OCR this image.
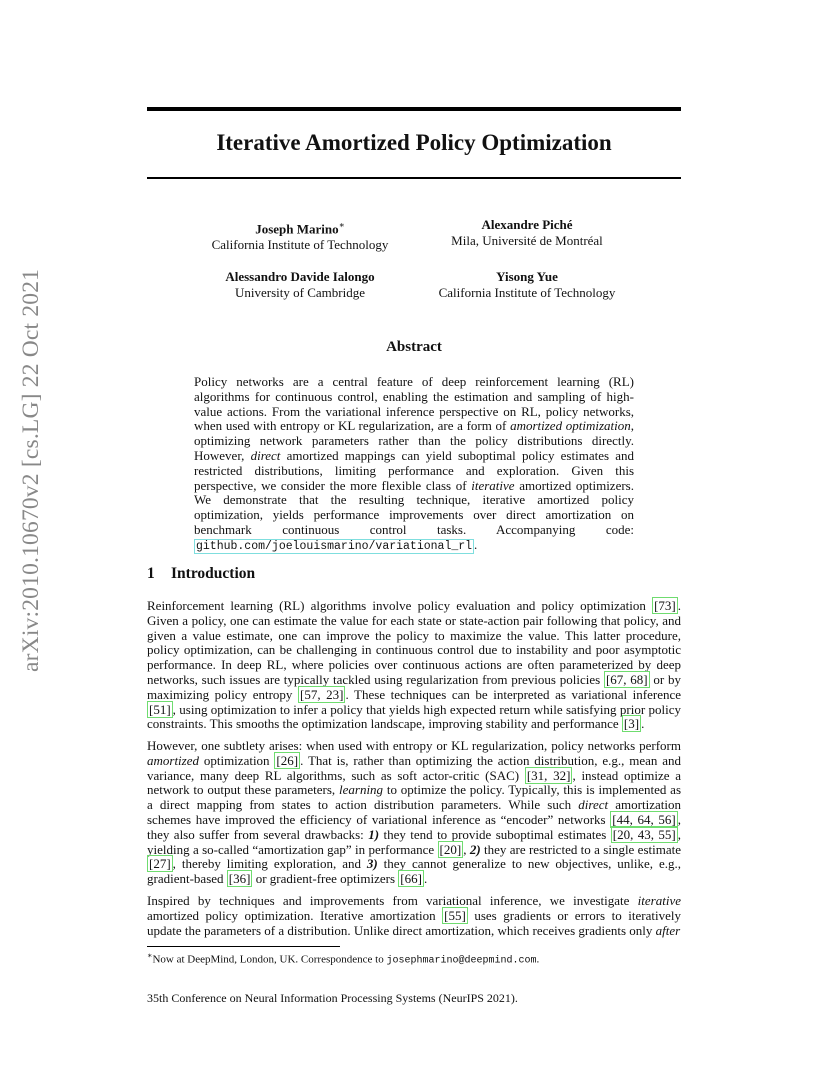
arXiv:2010.10670v2 [cs.LG] 22 Oct 2021
Iterative Amortized Policy Optimization
Joseph Marino∗
California Institute of Technology
Alexandre Piché
Mila, Université de Montréal
Alessandro Davide Ialongo
University of Cambridge
Yisong Yue
California Institute of Technology
Abstract
Policy networks are a central feature of deep reinforcement learning (RL) algorithms for continuous control, enabling the estimation and sampling of high-value actions. From the variational inference perspective on RL, policy networks, when used with entropy or KL regularization, are a form of amortized optimization, optimizing network parameters rather than the policy distributions directly. However, direct amortized mappings can yield suboptimal policy estimates and restricted distributions, limiting performance and exploration. Given this perspective, we consider the more flexible class of iterative amortized optimizers. We demonstrate that the resulting technique, iterative amortized policy optimization, yields performance improvements over direct amortization on benchmark continuous control tasks. Accompanying code: github.com/joelouismarino/variational_rl .
1 Introduction

Reinforcement learning (RL) algorithms involve policy evaluation and policy optimization [73] . Given a policy, one can estimate the value for each state or state-action pair following that policy, and given a value estimate, one can improve the policy to maximize the value. This latter procedure, policy optimization, can be challenging in continuous control due to instability and poor asymptotic performance. In deep RL, where policies over continuous actions are often parameterized by deep networks, such issues are typically tackled using regularization from previous policies [67, 68] or by maximizing policy entropy [57, 23] . These techniques can be interpreted as variational inference [51] , using optimization to infer a policy that yields high expected return while satisfying prior policy constraints. This smooths the optimization landscape, improving stability and performance [3] .

However, one subtlety arises: when used with entropy or KL regularization, policy networks perform amortized optimization [26] . That is, rather than optimizing the action distribution, e.g., mean and variance, many deep RL algorithms, such as soft actor-critic (SAC) [31, 32] , instead optimize a network to output these parameters, learning to optimize the policy. Typically, this is implemented as a direct mapping from states to action distribution parameters. While such direct amortization schemes have improved the efficiency of variational inference as “encoder” networks [44, 64, 56] , they also suffer from several drawbacks: 1) they tend to provide suboptimal estimates [20, 43, 55] , yielding a so-called “amortization gap” in performance [20] , 2) they are restricted to a single estimate [27] , thereby limiting exploration, and 3) they cannot generalize to new objectives, unlike, e.g., gradient-based [36] or gradient-free optimizers [66] .

Inspired by techniques and improvements from variational inference, we investigate iterative amortized policy optimization. Iterative amortization [55] uses gradients or errors to iteratively update the parameters of a distribution. Unlike direct amortization, which receives gradients only after

∗Now at DeepMind, London, UK. Correspondence to josephmarino@deepmind.com.
35th Conference on Neural Information Processing Systems (NeurIPS 2021).
